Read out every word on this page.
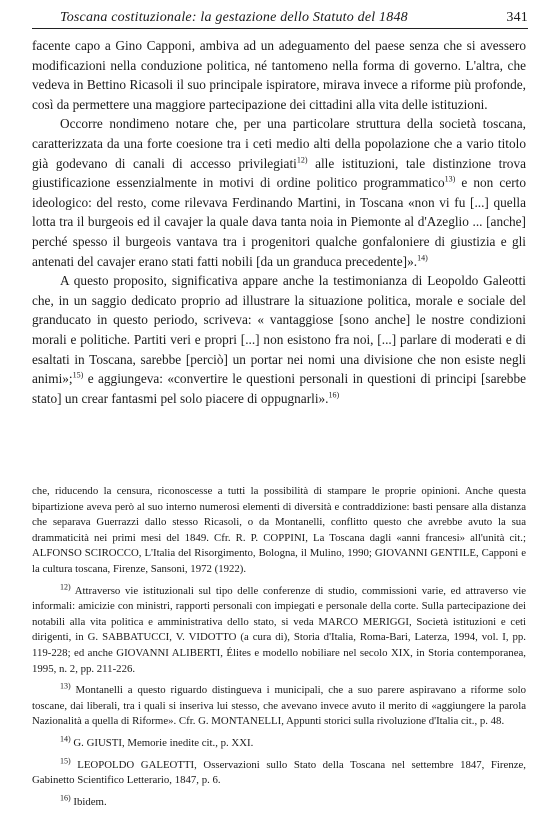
Toscana costituzionale: la gestazione dello Statuto del 1848	341

facente capo a Gino Capponi, ambiva ad un adeguamento del paese senza che si avessero modificazioni nella conduzione politica, né tantomeno nella forma di governo. L'altra, che vedeva in Bettino Ricasoli il suo principale ispiratore, mirava invece a riforme più profonde, così da permettere una maggiore partecipazione dei cittadini alla vita delle istituzioni.

Occorre nondimeno notare che, per una particolare struttura della società toscana, caratterizzata da una forte coesione tra i ceti medio alti della popolazione che a vario titolo già godevano di canali di accesso privilegiati$^{12)}$ alle istituzioni, tale distinzione trova giustificazione essenzialmente in motivi di ordine politico programmatico$^{13)}$ e non certo ideologico: del resto, come rilevava Ferdinando Martini, in Toscana «non vi fu [...] quella lotta tra il burgeois ed il cavajer la quale dava tanta noia in Piemonte al d'Azeglio ... [anche] perché spesso il burgeois vantava tra i progenitori qualche gonfaloniere di giustizia e gli antenati del cavajer erano stati fatti nobili [da un granduca precedente]».$^{14)}$

A questo proposito, significativa appare anche la testimonianza di Leopoldo Galeotti che, in un saggio dedicato proprio ad illustrare la situazione politica, morale e sociale del granducato in questo periodo, scriveva: « vantaggiose [sono anche] le nostre condizioni morali e politiche. Partiti veri e propri [...] non esistono fra noi, [...] parlare di moderati e di esaltati in Toscana, sarebbe [perciò] un portar nei nomi una divisione che non esiste negli animi»;$^{15)}$ e aggiungeva: «convertire le questioni personali in questioni di principi [sarebbe stato] un crear fantasmi pel solo piacere di oppugnarli».$^{16)}$

che, riducendo la censura, riconoscesse a tutti la possibilità di stampare le proprie opinioni. Anche questa bipartizione aveva però al suo interno numerosi elementi di diversità e contraddizione: basti pensare alla distanza che separava Guerrazzi dallo stesso Ricasoli, o da Montanelli, conflitto questo che avrebbe avuto la sua drammaticità nei primi mesi del 1849. Cfr. R. P. COPPINI, La Toscana dagli «anni francesi» all'unità cit.; ALFONSO SCIROCCO, L'Italia del Risorgimento, Bologna, il Mulino, 1990; GIOVANNI GENTILE, Capponi e la cultura toscana, Firenze, Sansoni, 1972 (1922).

$^{12)}$ Attraverso vie istituzionali sul tipo delle conferenze di studio, commissioni varie, ed attraverso vie informali: amicizie con ministri, rapporti personali con impiegati e personale della corte. Sulla partecipazione dei notabili alla vita politica e amministrativa dello stato, si veda MARCO MERIGGI, Società istituzioni e ceti dirigenti, in G. SABBATUCCI, V. VIDOTTO (a cura di), Storia d'Italia, Roma-Bari, Laterza, 1994, vol. I, pp. 119-228; ed anche GIOVANNI ALIBERTI, Élites e modello nobiliare nel secolo XIX, in Storia contemporanea, 1995, n. 2, pp. 211-226.

$^{13)}$ Montanelli a questo riguardo distingueva i municipali, che a suo parere aspiravano a riforme solo toscane, dai liberali, tra i quali si inseriva lui stesso, che avevano invece avuto il merito di «aggiungere la parola Nazionalità a quella di Riforme». Cfr. G. MONTANELLI, Appunti storici sulla rivoluzione d'Italia cit., p. 48.

$^{14)}$ G. GIUSTI, Memorie inedite cit., p. XXI.

$^{15)}$ LEOPOLDO GALEOTTI, Osservazioni sullo Stato della Toscana nel settembre 1847, Firenze, Gabinetto Scientifico Letterario, 1847, p. 6.

$^{16)}$ Ibidem.
